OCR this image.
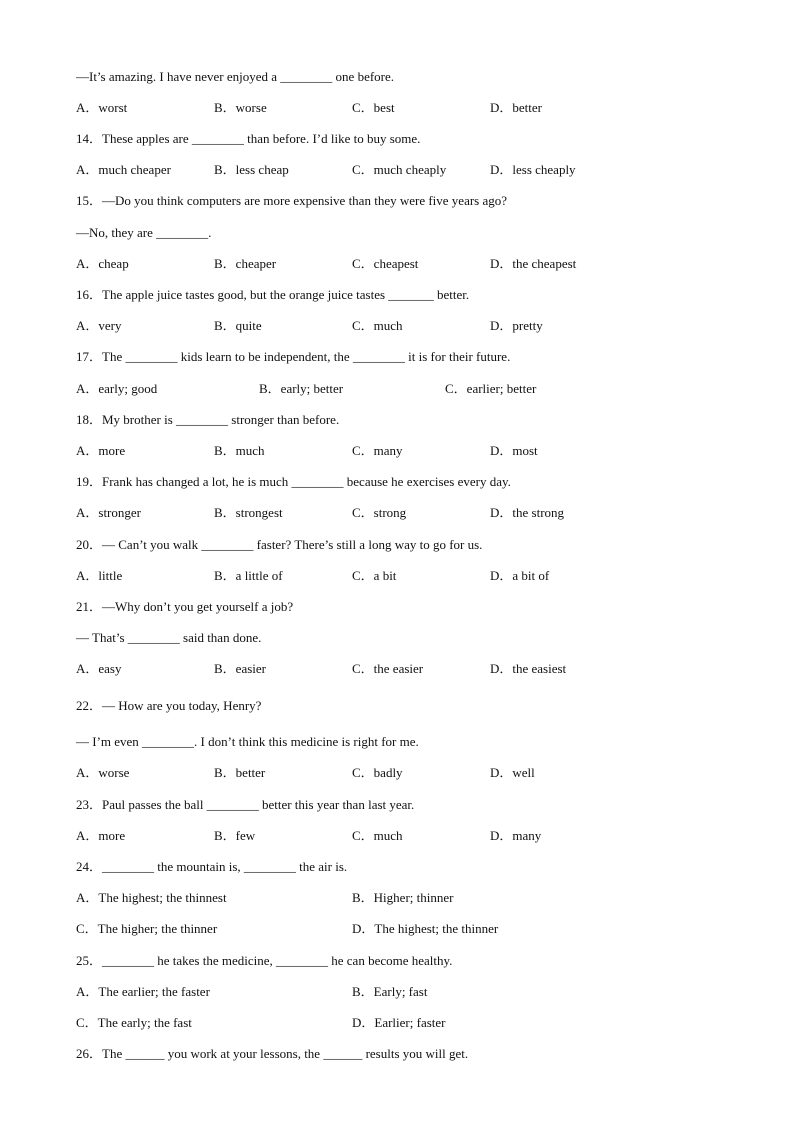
—It’s amazing. I have never enjoyed a ________ one before.
A．worst	B．worse	C．best	D．better
14．These apples are ________ than before. I’d like to buy some.
A．much cheaper	B．less cheap	C．much cheaply	D．less cheaply
15．—Do you think computers are more expensive than they were five years ago?
—No, they are ________.
A．cheap	B．cheaper	C．cheapest	D．the cheapest
16．The apple juice tastes good, but the orange juice tastes _______ better.
A．very	B．quite	C．much	D．pretty
17．The ________ kids learn to be independent, the ________ it is for their future.
A．early; good	B．early; better	C．earlier; better
18．My brother is ________ stronger than before.
A．more	B．much	C．many	D．most
19．Frank has changed a lot, he is much ________ because he exercises every day.
A．stronger	B．strongest	C．strong	D．the strong
20．— Can’t you walk ________ faster? There’s still a long way to go for us.
A．little	B．a little of	C．a bit	D．a bit of
21．—Why don’t you get yourself a job?
— That’s ________ said than done.
A．easy	B．easier	C．the easier	D．the easiest
22．— How are you today, Henry?
— I’m even ________. I don’t think this medicine is right for me.
A．worse	B．better	C．badly	D．well
23．Paul passes the ball ________ better this year than last year.
A．more	B．few	C．much	D．many
24．________ the mountain is, ________ the air is.
A．The highest; the thinnest	B．Higher; thinner
C．The higher; the thinner	D．The highest; the thinner
25．________ he takes the medicine, ________ he can become healthy.
A．The earlier; the faster	B．Early; fast
C．The early; the fast	D．Earlier; faster
26．The ______ you work at your lessons, the ______ results you will get.
